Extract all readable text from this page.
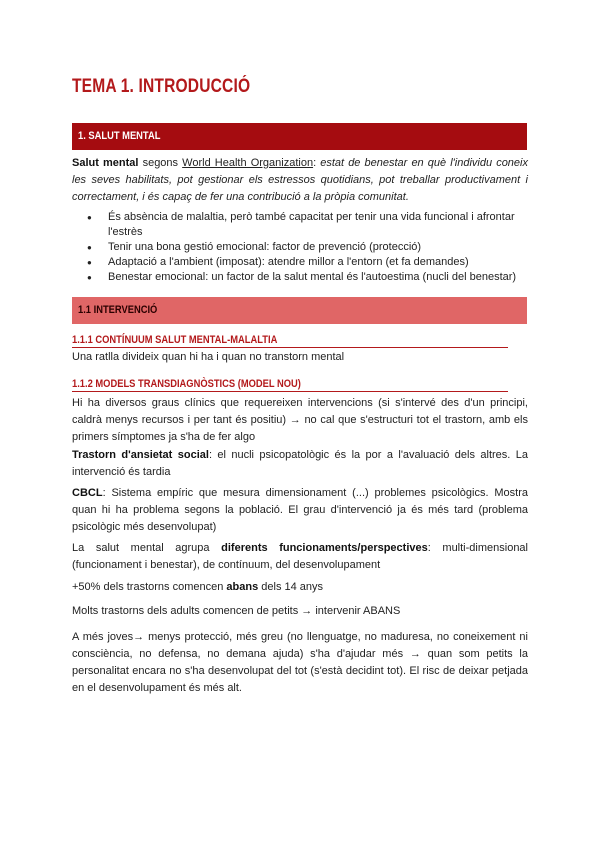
TEMA 1. INTRODUCCIÓ
1. SALUT MENTAL

Salut mental segons World Health Organization: estat de benestar en què l'individu coneix les seves habilitats, pot gestionar els estressos quotidians, pot treballar productivament i correctament, i és capaç de fer una contribució a la pròpia comunitat.

● És absència de malaltia, però també capacitat per tenir una vida funcional i afrontar l'estrès
● Tenir una bona gestió emocional: factor de prevenció (protecció)
● Adaptació a l'ambient (imposat): atendre millor a l'entorn (et fa demandes)
● Benestar emocional: un factor de la salut mental és l'autoestima (nucli del benestar)
1.1 INTERVENCIÓ
1.1.1 CONTÍNUUM SALUT MENTAL-MALALTIA

Una ratlla divideix quan hi ha i quan no transtorn mental

1.1.2 MODELS TRANSDIAGNÒSTICS (MODEL NOU)

Hi ha diversos graus clínics que requereixen intervencions (si s'intervé des d'un principi, caldrà menys recursos i per tant és positiu) → no cal que s'estructuri tot el trastorn, amb els primers símptomes ja s'ha de fer algo

Trastorn d'ansietat social: el nucli psicopatològic és la por a l'avaluació dels altres. La intervenció és tardia

CBCL: Sistema empíric que mesura dimensionament (...) problemes psicològics. Mostra quan hi ha problema segons la població. El grau d'intervenció ja és més tard (problema psicològic més desenvolupat)

La salut mental agrupa diferents funcionaments/perspectives: multi-dimensional (funcionament i benestar), de contínuum, del desenvolupament

+50% dels trastorns comencen abans dels 14 anys

Molts trastorns dels adults comencen de petits → intervenir ABANS

A més joves→ menys protecció, més greu (no llenguatge, no maduresa, no coneixement ni consciència, no defensa, no demana ajuda) s'ha d'ajudar més → quan som petits la personalitat encara no s'ha desenvolupat del tot (s'està decidint tot). El risc de deixar petjada en el desenvolupament és més alt.
